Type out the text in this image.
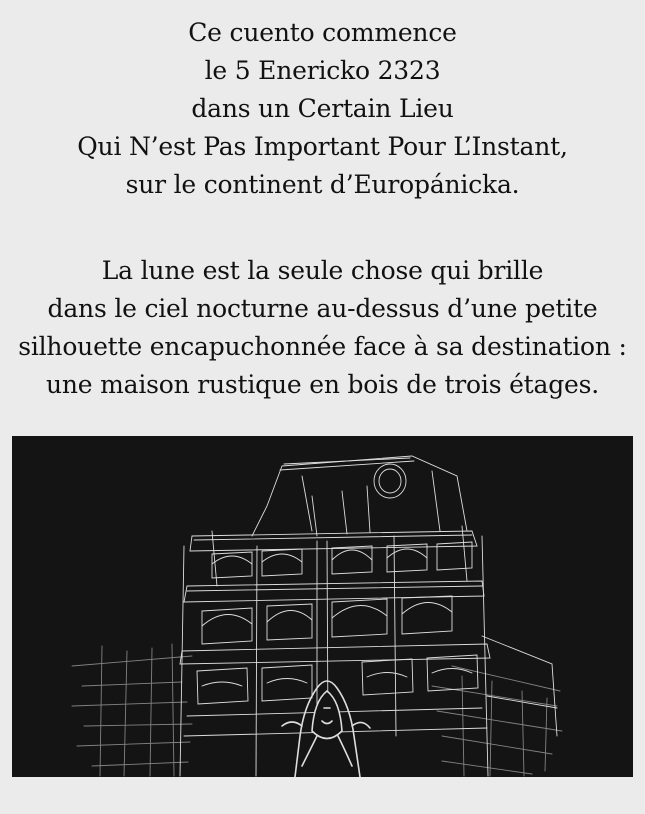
Ce cuento commence
le 5 Enericko 2323
dans un Certain Lieu
Qui N’est Pas Important Pour L’Instant,
sur le continent d’Europánicka.
La lune est la seule chose qui brille
dans le ciel nocturne au-dessus d’une petite
silhouette encapuchonnée face à sa destination :
une maison rustique en bois de trois étages.
